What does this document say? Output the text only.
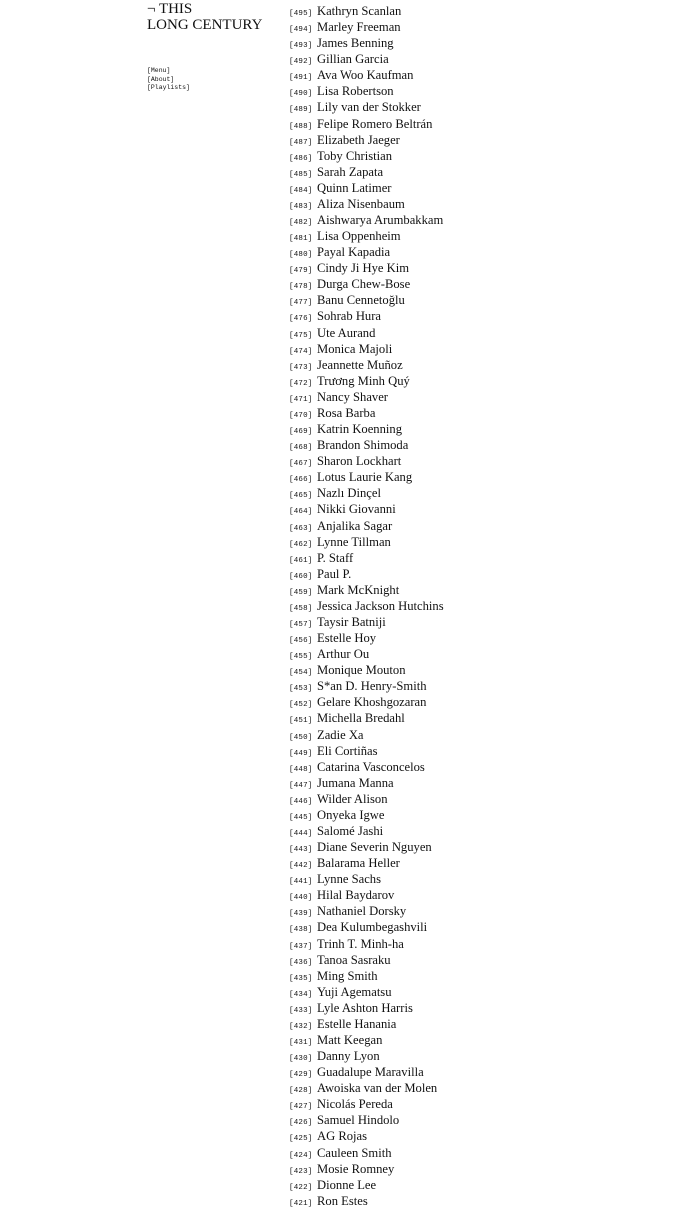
¬ THIS
LONG CENTURY
[Menu]
[About]
[Playlists]
[495] Kathryn Scanlan
[494] Marley Freeman
[493] James Benning
[492] Gillian Garcia
[491] Ava Woo Kaufman
[490] Lisa Robertson
[489] Lily van der Stokker
[488] Felipe Romero Beltrán
[487] Elizabeth Jaeger
[486] Toby Christian
[485] Sarah Zapata
[484] Quinn Latimer
[483] Aliza Nisenbaum
[482] Aishwarya Arumbakkam
[481] Lisa Oppenheim
[480] Payal Kapadia
[479] Cindy Ji Hye Kim
[478] Durga Chew-Bose
[477] Banu Cennetoğlu
[476] Sohrab Hura
[475] Ute Aurand
[474] Monica Majoli
[473] Jeannette Muñoz
[472] Trương Minh Quý
[471] Nancy Shaver
[470] Rosa Barba
[469] Katrin Koenning
[468] Brandon Shimoda
[467] Sharon Lockhart
[466] Lotus Laurie Kang
[465] Nazlı Dinçel
[464] Nikki Giovanni
[463] Anjalika Sagar
[462] Lynne Tillman
[461] P. Staff
[460] Paul P.
[459] Mark McKnight
[458] Jessica Jackson Hutchins
[457] Taysir Batniji
[456] Estelle Hoy
[455] Arthur Ou
[454] Monique Mouton
[453] S*an D. Henry-Smith
[452] Gelare Khoshgozaran
[451] Michella Bredahl
[450] Zadie Xa
[449] Eli Cortiñas
[448] Catarina Vasconcelos
[447] Jumana Manna
[446] Wilder Alison
[445] Onyeka Igwe
[444] Salomé Jashi
[443] Diane Severin Nguyen
[442] Balarama Heller
[441] Lynne Sachs
[440] Hilal Baydarov
[439] Nathaniel Dorsky
[438] Dea Kulumbegashvili
[437] Trinh T. Minh-ha
[436] Tanoa Sasraku
[435] Ming Smith
[434] Yuji Agematsu
[433] Lyle Ashton Harris
[432] Estelle Hanania
[431] Matt Keegan
[430] Danny Lyon
[429] Guadalupe Maravilla
[428] Awoiska van der Molen
[427] Nicolás Pereda
[426] Samuel Hindolo
[425] AG Rojas
[424] Cauleen Smith
[423] Mosie Romney
[422] Dionne Lee
[421] Ron Estes
